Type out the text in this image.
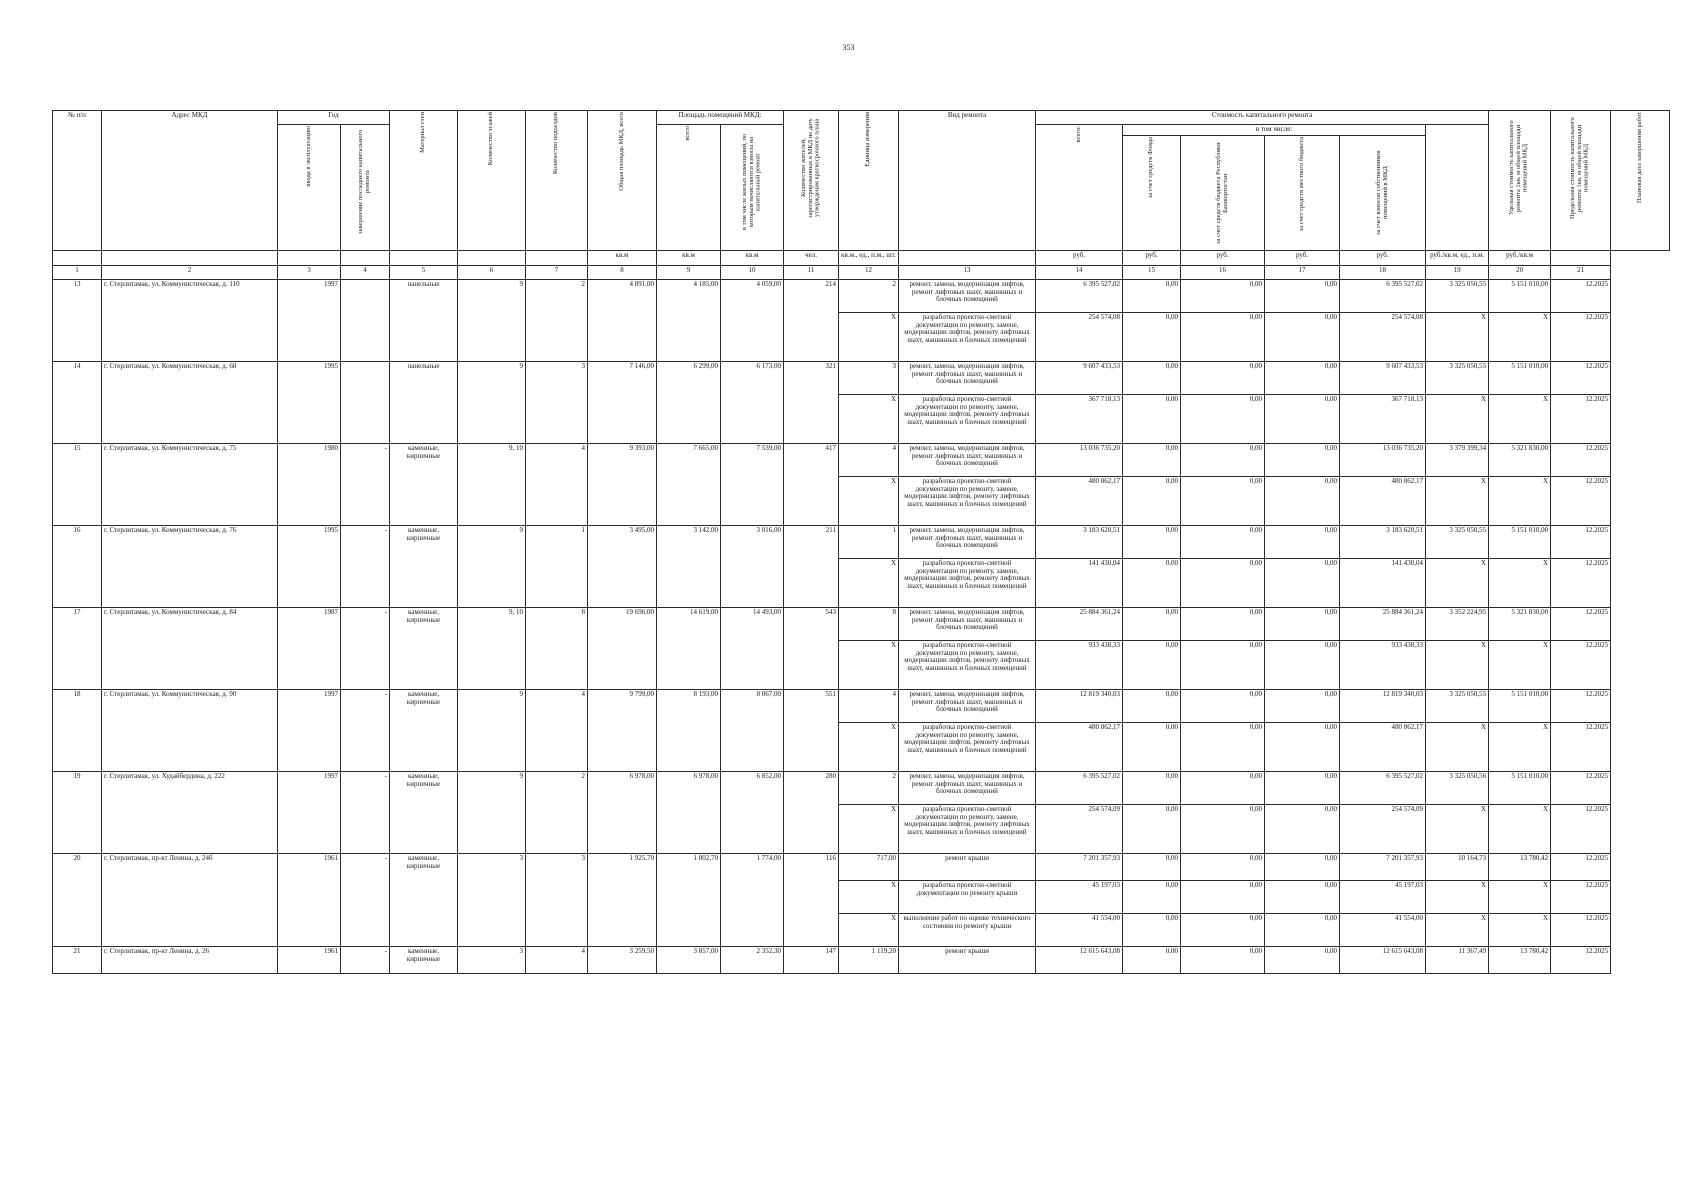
353
№ п/п	Адрес МКД	Год		Материал стен	Количество этажей	Количество подъездов	Общая площадь МКД, всего	Площадь помещений МКД:		Количество жителей, зарегистрированных в МКД на дату утверждения краткосрочного плана	Единица измерения	Вид ремонта	Стоимость капитального ремонта						Удельная стоимость капитального ремонта 1кв. м общей площади помещений МКД	Предельная стоимость капитального ремонта 1кв. м общей площади помещений МКД	Плановая дата завершения работ

		ввода в эксплуатацию	завершение последнего капитального ремонта					всего	в том числе жилых помещений, по которым начисляются взносы на капитальный ремонт				всего:	в том числе:							

														за счет средств Фонда	за счет средств бюджета Республики Башкортостан	за счет средств местного бюджета	за счет взносов собственников помещений в МКД				

							кв.м	кв.м	кв.м	чел.	кв.м., ед., п.м., шт.		руб.	руб.	руб.	руб.	руб.	руб./кв.м, ед., п.м.	руб./кв.м		
1	2	3	4	5	6	7	8	9	10	11	12	13	14	15	16	17	18	19	20	21	
13	г. Стерлитамак, ул. Коммунистическая, д. 110	1997		панельные	9	2	4 891,00	4 185,00	4 059,00	214	2	ремонт, замена, модернизация лифтов, ремонт лифтовых шахт, машинных и блочных помещений	6 395 527,02	0,00	0,00	0,00	6 395 527,02	3 325 050,55	5 151 010,00	12.2025	
											X	разработка проектно-сметной документации по ремонту, замене, модернизации лифтов, ремонту лифтовых шахт, машинных и блочных помещений	254 574,08	0,00	0,00	0,00	254 574,08	X	X	12.2025	
14	г. Стерлитамак, ул. Коммунистическая, д. 68	1995		панельные	9	3	7 146,00	6 299,00	6 173,00	321	3	ремонт, замена, модернизация лифтов, ремонт лифтовых шахт, машинных и блочных помещений	9 607 433,53	0,00	0,00	0,00	9 607 433,53	3 325 050,55	5 151 010,00	12.2025	
											X	разработка проектно-сметной документации по ремонту, замене, модернизации лифтов, ремонту лифтовых шахт, машинных и блочных помещений	367 718,13	0,00	0,00	0,00	367 718,13	X	X	12.2025	
15	г. Стерлитамак, ул. Коммунистическая, д. 75	1980	-	каменные, кирпичные	9, 10	4	9 393,00	7 665,00	7 539,00	417	4	ремонт, замена, модернизация лифтов, ремонт лифтовых шахт, машинных и блочных помещений	13 036 735,20	0,00	0,00	0,00	13 036 735,20	3 379 399,34	5 321 830,00	12.2025	
											X	разработка проектно-сметной документации по ремонту, замене, модернизации лифтов, ремонту лифтовых шахт, машинных и блочных помещений	480 862,17	0,00	0,00	0,00	480 862,17	X	X	12.2025	
16	г. Стерлитамак, ул. Коммунистическая, д. 76	1995	-	каменные, кирпичные	9	1	3 495,00	3 142,00	3 016,00	211	1	ремонт, замена, модернизация лифтов, ремонт лифтовых шахт, машинных и блочных помещений	3 183 620,51	0,00	0,00	0,00	3 183 620,51	3 325 050,55	5 151 010,00	12.2025	
											X	разработка проектно-сметной документации по ремонту, замене, модернизации лифтов, ремонту лифтовых шахт, машинных и блочных помещений	141 430,04	0,00	0,00	0,00	141 430,04	X	X	12.2025	
17	г. Стерлитамак, ул. Коммунистическая, д. 84	1987	-	каменные, кирпичные	9, 10	8	19 696,00	14 619,00	14 493,00	543	8	ремонт, замена, модернизация лифтов, ремонт лифтовых шахт, машинных и блочных помещений	25 884 361,24	0,00	0,00	0,00	25 884 361,24	3 352 224,95	5 321 830,00	12.2025	
											X	разработка проектно-сметной документации по ремонту, замене, модернизации лифтов, ремонту лифтовых шахт, машинных и блочных помещений	933 438,33	0,00	0,00	0,00	933 438,33	X	X	12.2025	
18	г. Стерлитамак, ул. Коммунистическая, д. 90	1997	-	каменные, кирпичные	9	4	9 799,00	8 193,00	8 067,00	551	4	ремонт, замена, модернизация лифтов, ремонт лифтовых шахт, машинных и блочных помещений	12 819 340,03	0,00	0,00	0,00	12 819 340,03	3 325 050,55	5 151 010,00	12.2025	
											X	разработка проектно-сметной документации по ремонту, замене, модернизации лифтов, ремонту лифтовых шахт, машинных и блочных помещений	480 862,17	0,00	0,00	0,00	480 862,17	X	X	12.2025	
19	г. Стерлитамак, ул. Худайбердина, д. 222	1997	-	каменные, кирпичные	9	2	6 978,00	6 978,00	6 852,00	280	2	ремонт, замена, модернизация лифтов, ремонт лифтовых шахт, машинных и блочных помещений	6 395 527,02	0,00	0,00	0,00	6 395 527,02	3 325 050,56	5 151 010,00	12.2025	
											X	разработка проектно-сметной документации по ремонту, замене, модернизации лифтов, ремонту лифтовых шахт, машинных и блочных помещений	254 574,09	0,00	0,00	0,00	254 574,09	X	X	12.2025	
20	г. Стерлитамак, пр-кт Ленина, д. 24б	1961	-	каменные, кирпичные	3	3	1 925,70	1 802,70	1 774,00	116	717,00	ремонт крыши	7 201 357,93	0,00	0,00	0,00	7 201 357,93	10 164,73	13 780,42	12.2025	
											X	разработка проектно-сметной документации по ремонту крыши	45 197,03	0,00	0,00	0,00	45 197,03	X	X	12.2025	
											X	выполнение работ по оценке технического состояния по ремонту крыши	41 554,00	0,00	0,00	0,00	41 554,00	X	X	12.2025	
21	г. Стерлитамак, пр-кт Ленина, д. 26	1961	-	каменные, кирпичные	3	4	3 259,50	3 857,00	2 352,30	147	1 119,20	ремонт крыши	12 615 643,08	0,00	0,00	0,00	12 615 643,08	11 367,49	13 780,42	12.2025	
